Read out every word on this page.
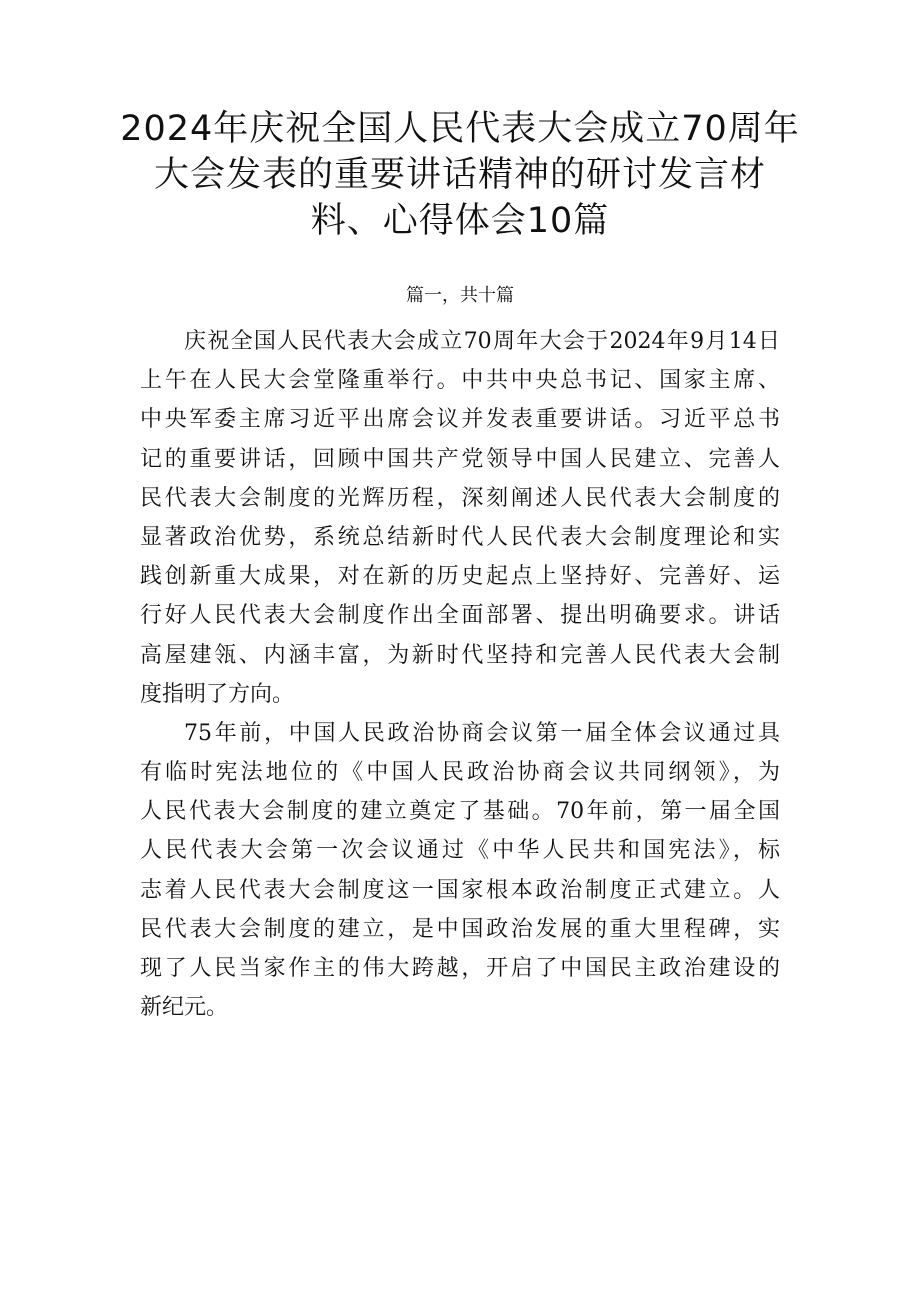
2024年庆祝全国人民代表大会成立70周年
大会发表的重要讲话精神的研讨发言材
料、心得体会10篇
篇一，共十篇
庆祝全国人民代表大会成立70周年大会于2024年9月14日
上午在人民大会堂隆重举行。中共中央总书记、国家主席、
中央军委主席习近平出席会议并发表重要讲话。习近平总书
记的重要讲话，回顾中国共产党领导中国人民建立、完善人
民代表大会制度的光辉历程，深刻阐述人民代表大会制度的
显著政治优势，系统总结新时代人民代表大会制度理论和实
践创新重大成果，对在新的历史起点上坚持好、完善好、运
行好人民代表大会制度作出全面部署、提出明确要求。讲话
高屋建瓴、内涵丰富，为新时代坚持和完善人民代表大会制
度指明了方向。
75年前，中国人民政治协商会议第一届全体会议通过具
有临时宪法地位的《中国人民政治协商会议共同纲领》，为
人民代表大会制度的建立奠定了基础。70年前，第一届全国
人民代表大会第一次会议通过《中华人民共和国宪法》，标
志着人民代表大会制度这一国家根本政治制度正式建立。人
民代表大会制度的建立，是中国政治发展的重大里程碑，实
现了人民当家作主的伟大跨越，开启了中国民主政治建设的
新纪元。
